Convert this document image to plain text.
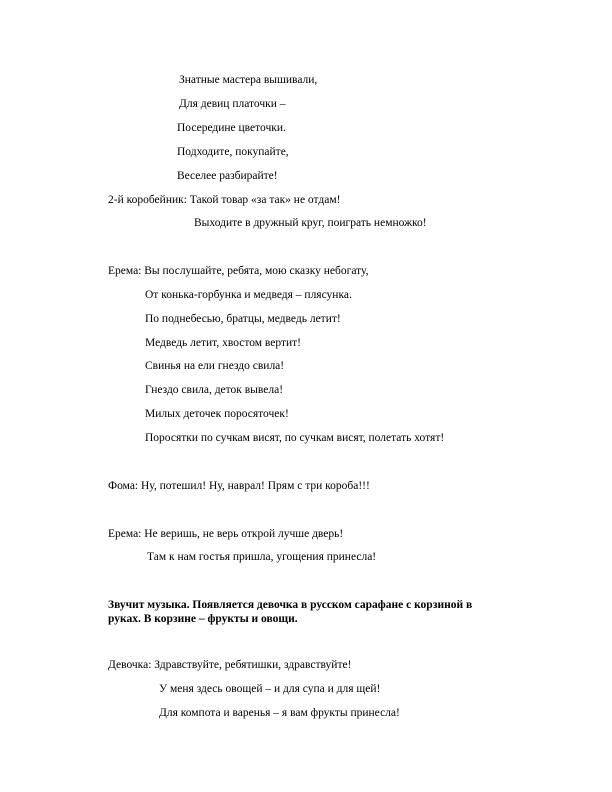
Знатные мастера вышивали,
Для девиц платочки –
Посередине цветочки.
Подходите, покупайте,
Веселее разбирайте!
2-й коробейник: Такой товар «за так» не отдам!
Выходите в дружный круг, поиграть немножко!
Ерема: Вы послушайте, ребята, мою сказку небогату,
От конька-горбунка и медведя – плясунка.
По поднебесью, братцы, медведь летит!
Медведь летит, хвостом вертит!
Свинья на ели гнездо свила!
Гнездо свила, деток вывела!
Милых деточек поросяточек!
Поросятки по сучкам висят, по сучкам висят, полетать хотят!
Фома: Ну, потешил! Ну, наврал! Прям с три короба!!!
Ерема: Не веришь, не верь открой лучше дверь!
Там к нам гостья пришла, угощения принесла!
Звучит музыка. Появляется девочка в русском сарафане с корзиной в
руках. В корзине – фрукты и овощи.
Девочка: Здравствуйте, ребятишки, здравствуйте!
У меня здесь овощей – и для супа и для щей!
Для компота и варенья – я вам фрукты принесла!
